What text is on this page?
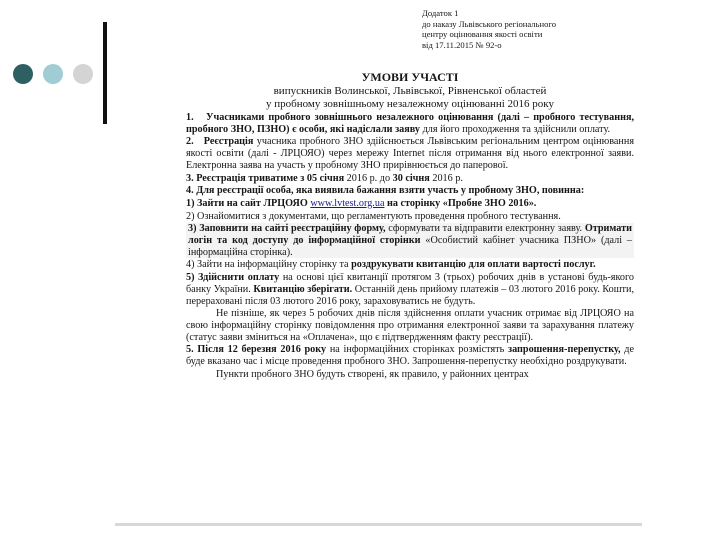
Додаток 1
до наказу Львівського регіонального
центру оцінювання якості освіти
від 17.11.2015 № 92-о
УМОВИ УЧАСТІ
випускників Волинської, Львівської, Рівненської областей
у пробному зовнішньому незалежному оцінюванні 2016 року

1. Учасниками пробного зовнішнього незалежного оцінювання (далі – пробного тестування, пробного ЗНО, ПЗНО) є особи, які надіслали заяву для його проходження та здійснили оплату.

2. Реєстрація учасника пробного ЗНО здійснюється Львівським регіональним центром оцінювання якості освіти (далі - ЛРЦОЯО) через мережу Internet після отримання від нього електронної заяви. Електронна заява на участь у пробному ЗНО прирівнюється до паперової.

3. Реєстрація триватиме з 05 січня 2016 р. до 30 січня 2016 р.

4. Для реєстрації особа, яка виявила бажання взяти участь у пробному ЗНО, повинна:

1) Зайти на сайт ЛРЦОЯО www.lvtest.org.ua на сторінку «Пробне ЗНО 2016».

2) Ознайомитися з документами, що регламентують проведення пробного тестування.

3) Заповнити на сайті реєстраційну форму, сформувати та відправити електронну заяву. Отримати логін та код доступу до інформаційної сторінки «Особистий кабінет учасника ПЗНО» (далі – інформаційна сторінка).

4) Зайти на інформаційну сторінку та роздрукувати квитанцію для оплати вартості послуг.

5) Здійснити оплату на основі цієї квитанції протягом 3 (трьох) робочих днів в установі будь-якого банку України. Квитанцію зберігати. Останній день прийому платежів – 03 лютого 2016 року. Кошти, перераховані після 03 лютого 2016 року, зараховуватись не будуть.

Не пізніше, як через 5 робочих днів після здійснення оплати учасник отримає від ЛРЦОЯО на свою інформаційну сторінку повідомлення про отримання електронної заяви та зарахування платежу (статус заяви зміниться на «Оплачена», що є підтвердженням факту реєстрації).

5. Після 12 березня 2016 року на інформаційних сторінках розмістять запрошення-перепустку, де буде вказано час і місце проведення пробного ЗНО. Запрошення-перепустку необхідно роздрукувати.

Пункти пробного ЗНО будуть створені, як правило, у районних центрах
